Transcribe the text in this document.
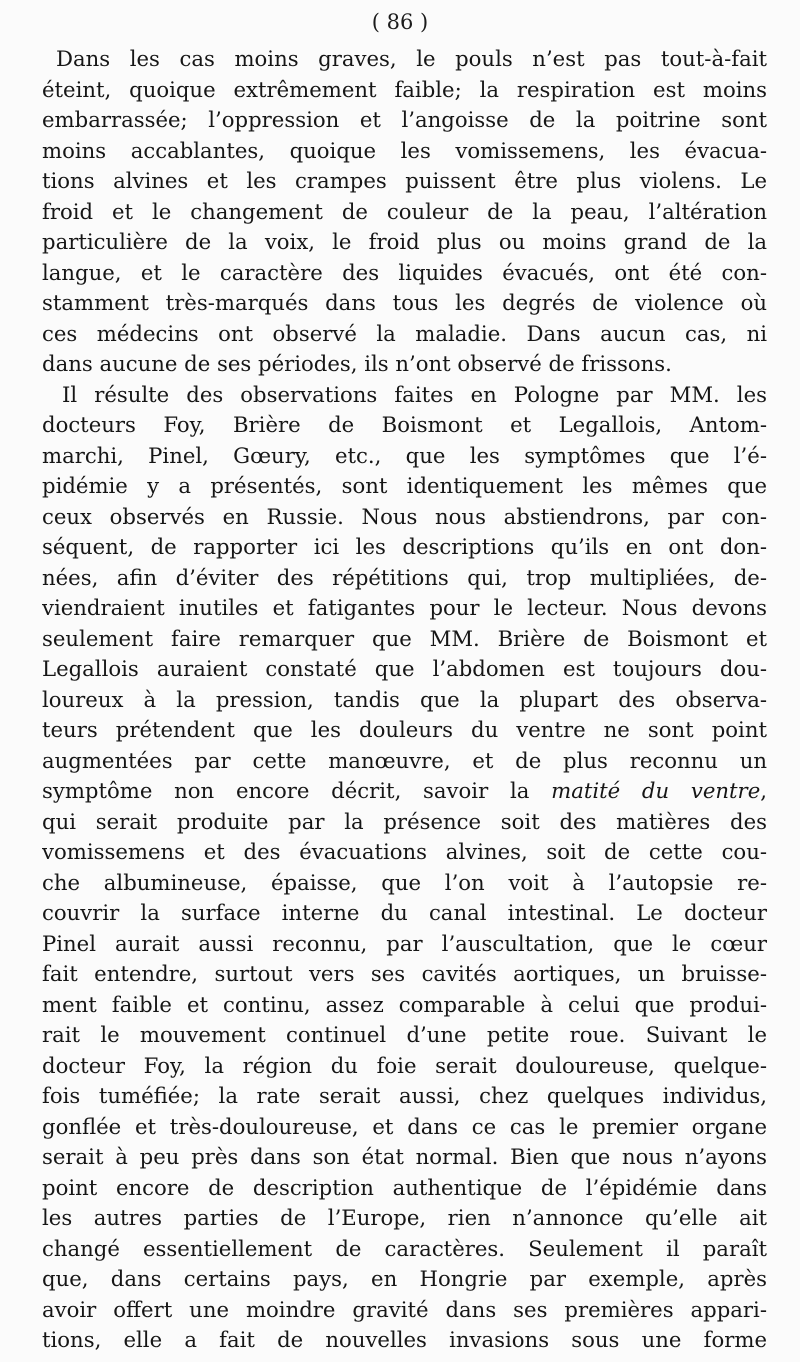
( 86 )
Dans les cas moins graves, le pouls n’est pas tout-à-fait
éteint, quoique extrêmement faible; la respiration est moins
embarrassée; l’oppression et l’angoisse de la poitrine sont
moins accablantes, quoique les vomissemens, les évacua-
tions alvines et les crampes puissent être plus violens. Le
froid et le changement de couleur de la peau, l’altération
particulière de la voix, le froid plus ou moins grand de la
langue, et le caractère des liquides évacués, ont été con-
stamment très-marqués dans tous les degrés de violence où
ces médecins ont observé la maladie. Dans aucun cas, ni
dans aucune de ses périodes, ils n’ont observé de frissons.
Il résulte des observations faites en Pologne par MM. les
docteurs Foy, Brière de Boismont et Legallois, Antom-
marchi, Pinel, Gœury, etc., que les symptômes que l’é-
pidémie y a présentés, sont identiquement les mêmes que
ceux observés en Russie. Nous nous abstiendrons, par con-
séquent, de rapporter ici les descriptions qu’ils en ont don-
nées, afin d’éviter des répétitions qui, trop multipliées, de-
viendraient inutiles et fatigantes pour le lecteur. Nous devons
seulement faire remarquer que MM. Brière de Boismont et
Legallois auraient constaté que l’abdomen est toujours dou-
loureux à la pression, tandis que la plupart des observa-
teurs prétendent que les douleurs du ventre ne sont point
augmentées par cette manœuvre, et de plus reconnu un
symptôme non encore décrit, savoir la matité du ventre,
qui serait produite par la présence soit des matières des
vomissemens et des évacuations alvines, soit de cette cou-
che albumineuse, épaisse, que l’on voit à l’autopsie re-
couvrir la surface interne du canal intestinal. Le docteur
Pinel aurait aussi reconnu, par l’auscultation, que le cœur
fait entendre, surtout vers ses cavités aortiques, un bruisse-
ment faible et continu, assez comparable à celui que produi-
rait le mouvement continuel d’une petite roue. Suivant le
docteur Foy, la région du foie serait douloureuse, quelque-
fois tuméfiée; la rate serait aussi, chez quelques individus,
gonflée et très-douloureuse, et dans ce cas le premier organe
serait à peu près dans son état normal. Bien que nous n’ayons
point encore de description authentique de l’épidémie dans
les autres parties de l’Europe, rien n’annonce qu’elle ait
changé essentiellement de caractères. Seulement il paraît
que, dans certains pays, en Hongrie par exemple, après
avoir offert une moindre gravité dans ses premières appari-
tions, elle a fait de nouvelles invasions sous une forme
